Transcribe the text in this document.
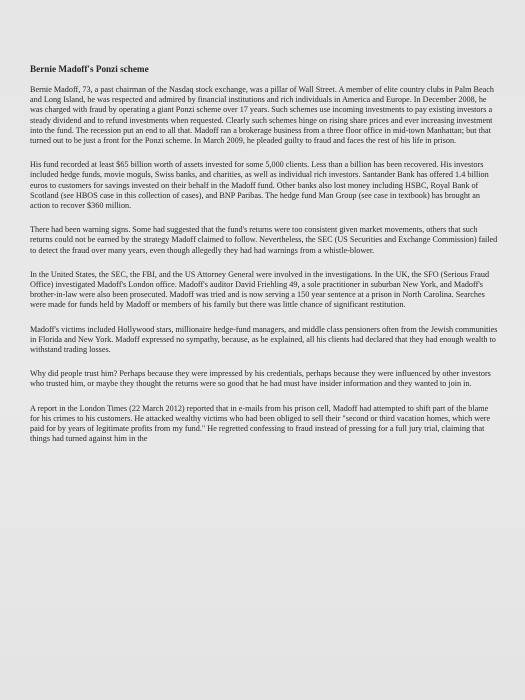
Bernie Madoff's Ponzi scheme

Bernie Madoff, 73, a past chairman of the Nasdaq stock exchange, was a pillar of Wall Street. A member of elite country clubs in Palm Beach and Long Island, he was respected and admired by financial institutions and rich individuals in America and Europe. In December 2008, he was charged with fraud by operating a giant Ponzi scheme over 17 years. Such schemes use incoming investments to pay existing investors a steady dividend and to refund investments when requested. Clearly such schemes hinge on rising share prices and ever increasing investment into the fund. The recession put an end to all that. Madoff ran a brokerage business from a three floor office in mid-town Manhattan; but that turned out to be just a front for the Ponzi scheme. In March 2009, he pleaded guilty to fraud and faces the rest of his life in prison.

His fund recorded at least $65 billion worth of assets invested for some 5,000 clients. Less than a billion has been recovered. His investors included hedge funds, movie moguls, Swiss banks, and charities, as well as individual rich investors. Santander Bank has offered 1.4 billion euros to customers for savings invested on their behalf in the Madoff fund. Other banks also lost money including HSBC, Royal Bank of Scotland (see HBOS case in this collection of cases), and BNP Paribas. The hedge fund Man Group (see case in textbook) has brought an action to recover $360 million.

There had been warning signs. Some had suggested that the fund's returns were too consistent given market movements, others that such returns could not be earned by the strategy Madoff claimed to follow. Nevertheless, the SEC (US Securities and Exchange Commission) failed to detect the fraud over many years, even though allegedly they had had warnings from a whistle-blower.

In the United States, the SEC, the FBI, and the US Attorney General were involved in the investigations. In the UK, the SFO (Serious Fraud Office) investigated Madoff's London office. Madoff's auditor David Friehling 49, a sole practitioner in suburban New York, and Madoff's brother-in-law were also been prosecuted. Madoff was tried and is now serving a 150 year sentence at a prison in North Carolina. Searches were made for funds held by Madoff or members of his family but there was little chance of significant restitution.

Madoff's victims included Hollywood stars, millionaire hedge-fund managers, and middle class pensioners often from the Jewish communities in Florida and New York. Madoff expressed no sympathy, because, as he explained, all his clients had declared that they had enough wealth to withstand trading losses.

Why did people trust him? Perhaps because they were impressed by his credentials, perhaps because they were influenced by other investors who trusted him, or maybe they thought the returns were so good that he had must have insider information and they wanted to join in.

A report in the London Times (22 March 2012) reported that in e-mails from his prison cell, Madoff had attempted to shift part of the blame for his crimes to his customers. He attacked wealthy victims who had been obliged to sell their "second or third vacation homes, which were paid for by years of legitimate profits from my fund." He regretted confessing to fraud instead of pressing for a full jury trial, claiming that things had turned against him in the
